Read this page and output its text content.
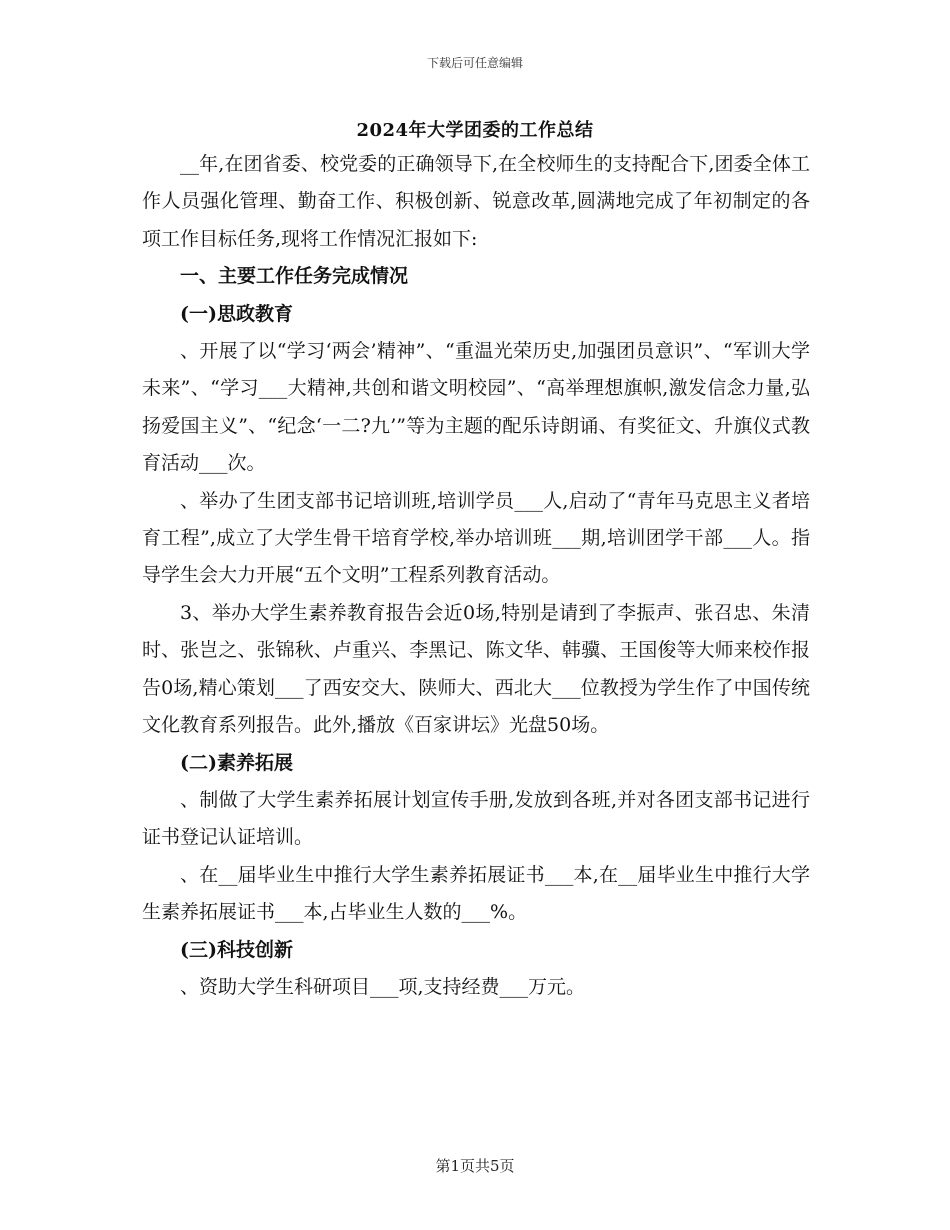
下载后可任意编辑
2024年大学团委的工作总结

__年,在团省委、校党委的正确领导下,在全校师生的支持配合下,团委全体工作人员强化管理、勤奋工作、积极创新、锐意改革,圆满地完成了年初制定的各项工作目标任务,现将工作情况汇报如下:

一、主要工作任务完成情况

(一)思政教育

、开展了以“学习‘两会’精神”、“重温光荣历史,加强团员意识”、“军训大学未来”、“学习___大精神,共创和谐文明校园”、“高举理想旗帜,激发信念力量,弘扬爱国主义”、“纪念‘一二?九’”等为主题的配乐诗朗诵、有奖征文、升旗仪式教育活动___次。

、举办了生团支部书记培训班,培训学员___人,启动了“青年马克思主义者培育工程”,成立了大学生骨干培育学校,举办培训班___期,培训团学干部___人。指导学生会大力开展“五个文明”工程系列教育活动。

3、举办大学生素养教育报告会近0场,特别是请到了李振声、张召忠、朱清时、张岂之、张锦秋、卢重兴、李黑记、陈文华、韩骥、王国俊等大师来校作报告0场,精心策划___了西安交大、陕师大、西北大___位教授为学生作了中国传统文化教育系列报告。此外,播放《百家讲坛》光盘50场。

(二)素养拓展

、制做了大学生素养拓展计划宣传手册,发放到各班,并对各团支部书记进行证书登记认证培训。

、在__届毕业生中推行大学生素养拓展证书___本,在__届毕业生中推行大学生素养拓展证书___本,占毕业生人数的___%。

(三)科技创新

、资助大学生科研项目___项,支持经费___万元。

第1页共5页
